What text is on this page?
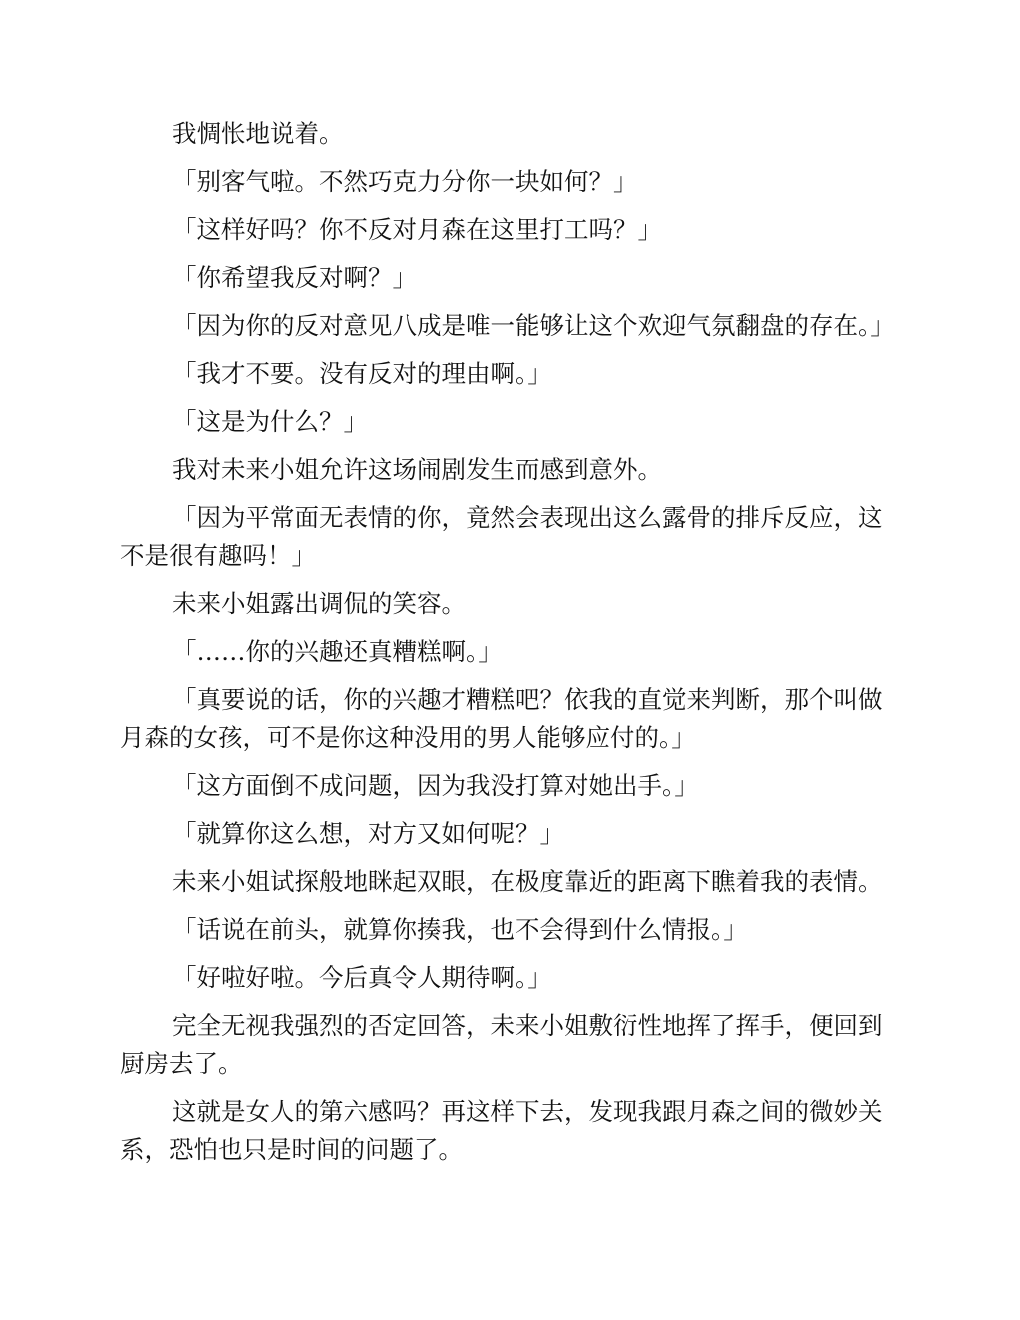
我惆怅地说着。

「别客气啦。不然巧克力分你一块如何？」

「这样好吗？你不反对月森在这里打工吗？」

「你希望我反对啊？」

「因为你的反对意见八成是唯一能够让这个欢迎气氛翻盘的存在。」

「我才不要。没有反对的理由啊。」

「这是为什么？」

我对未来小姐允许这场闹剧发生而感到意外。

「因为平常面无表情的你，竟然会表现出这么露骨的排斥反应，这不是很有趣吗！」

未来小姐露出调侃的笑容。

「……你的兴趣还真糟糕啊。」

「真要说的话，你的兴趣才糟糕吧？依我的直觉来判断，那个叫做月森的女孩，可不是你这种没用的男人能够应付的。」

「这方面倒不成问题，因为我没打算对她出手。」

「就算你这么想，对方又如何呢？」

未来小姐试探般地眯起双眼，在极度靠近的距离下瞧着我的表情。

「话说在前头，就算你揍我，也不会得到什么情报。」

「好啦好啦。今后真令人期待啊。」

完全无视我强烈的否定回答，未来小姐敷衍性地挥了挥手，便回到厨房去了。

这就是女人的第六感吗？再这样下去，发现我跟月森之间的微妙关系，恐怕也只是时间的问题了。
